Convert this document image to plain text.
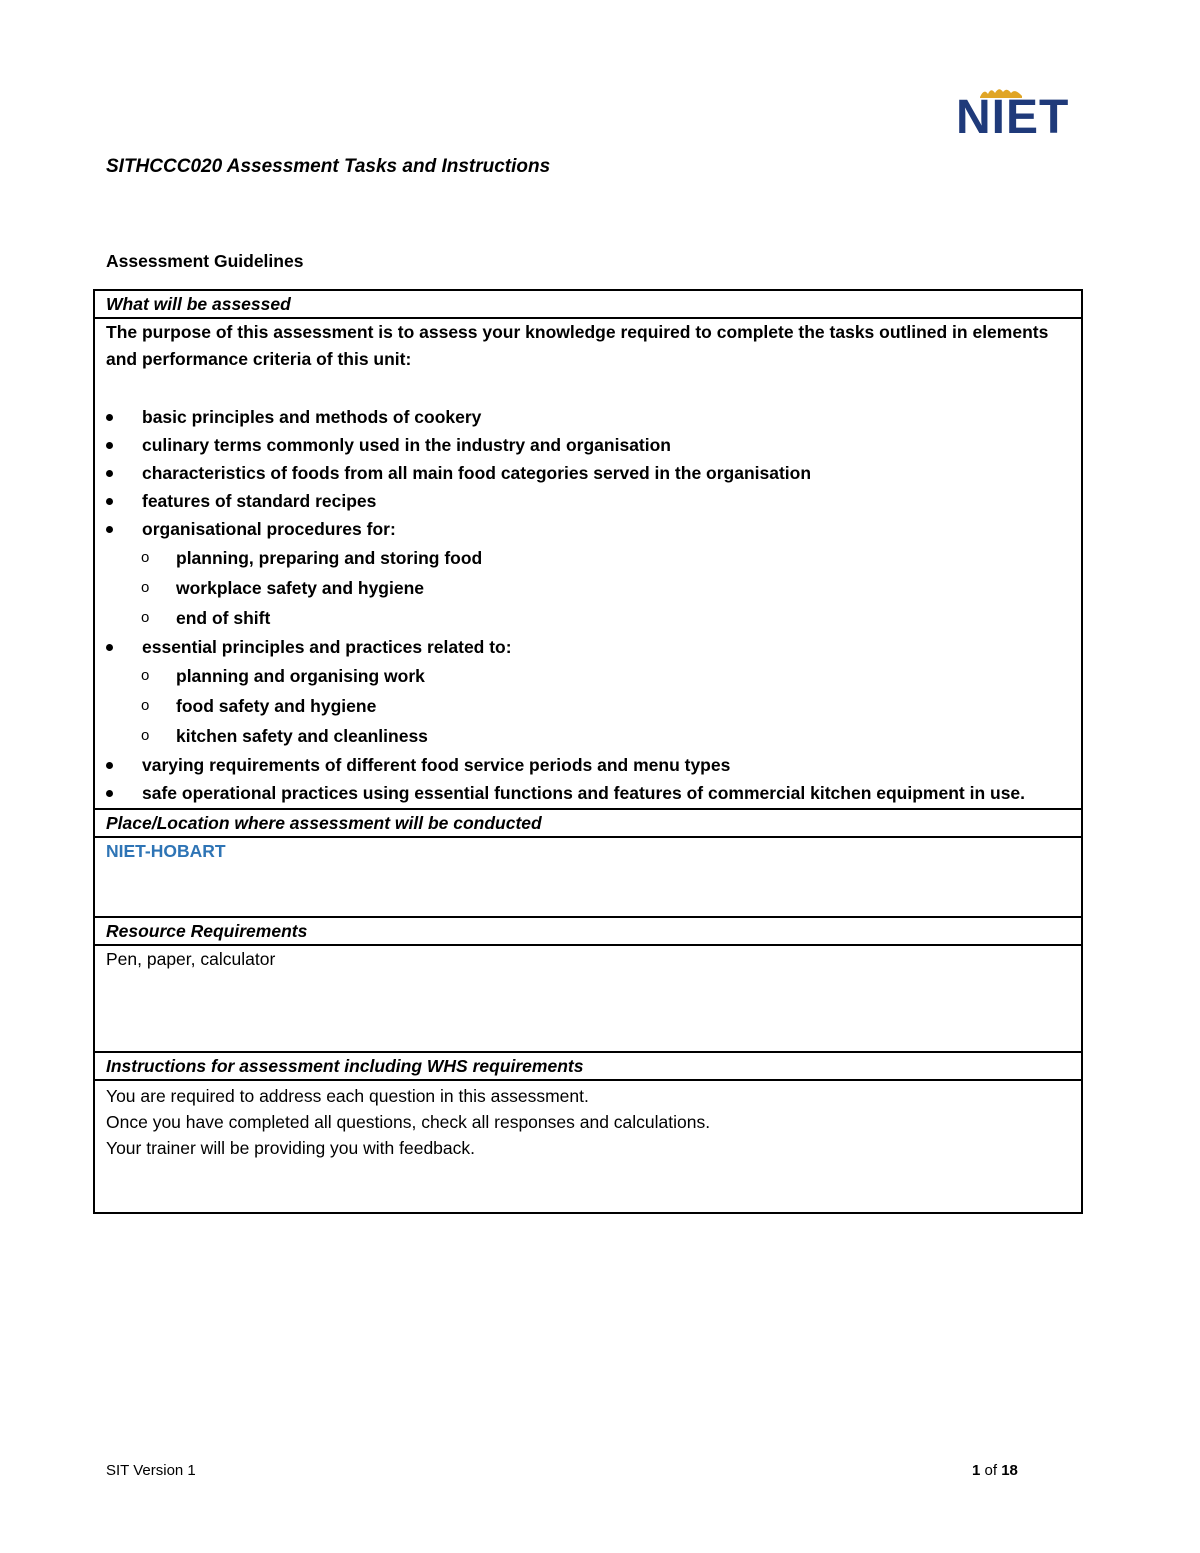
NIET
SITHCCC020 Assessment Tasks and Instructions
Assessment Guidelines
What will be assessed

The purpose of this assessment is to assess your knowledge required to complete the tasks outlined in elements and performance criteria of this unit:

basic principles and methods of cookery
culinary terms commonly used in the industry and organisation
characteristics of foods from all main food categories served in the organisation
features of standard recipes
organisational procedures for:
o planning, preparing and storing food
o workplace safety and hygiene
o end of shift
essential principles and practices related to:
o planning and organising work
o food safety and hygiene
o kitchen safety and cleanliness
varying requirements of different food service periods and menu types
safe operational practices using essential functions and features of commercial kitchen equipment in use.
Place/Location where assessment will be conducted
NIET-HOBART
Resource Requirements
Pen, paper, calculator
Instructions for assessment including WHS requirements
You are required to address each question in this assessment.
Once you have completed all questions, check all responses and calculations.
Your trainer will be providing you with feedback.
SIT Version 1	1 of 18
